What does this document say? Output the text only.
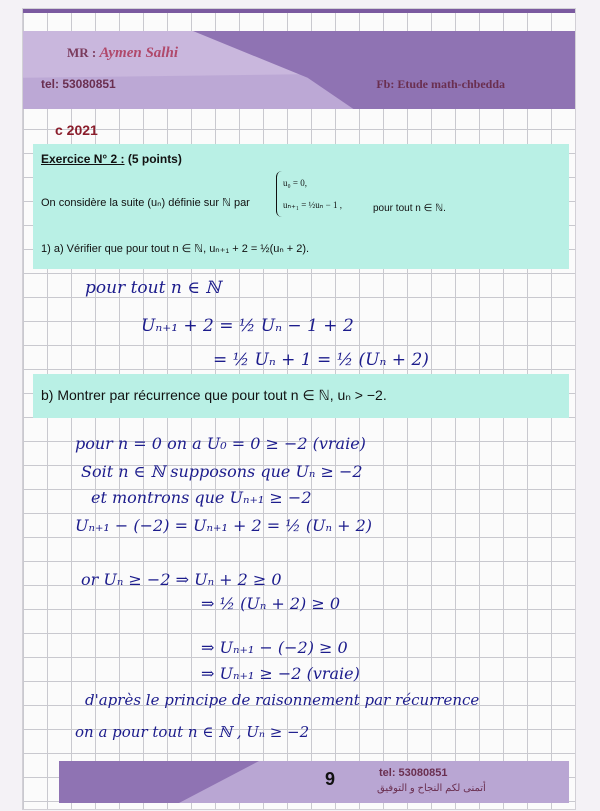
MR : Aymen Salhi
tel: 53080851	Fb: Etude math-chbedda
c 2021
Exercice N° 2 : (5 points)
On considère la suite (uₙ) définie sur ℕ par
u₀ = 0,
uₙ₊₁ = ½uₙ − 1 ,	pour tout n ∈ ℕ.
1) a) Vérifier que pour tout n ∈ ℕ, uₙ₊₁ + 2 = ½(uₙ + 2).
b) Montrer par récurrence que pour tout n ∈ ℕ, uₙ > −2.
pour tout n ∈ ℕ
Uₙ₊₁ + 2 = ½ Uₙ − 1 + 2
= ½ Uₙ + 1 = ½ (Uₙ + 2)
pour n = 0 on a U₀ = 0 ≥ −2 (vraie)
Soit n ∈ ℕ supposons que Uₙ ≥ −2
et montrons que Uₙ₊₁ ≥ −2
Uₙ₊₁ − (−2) = Uₙ₊₁ + 2 = ½ (Uₙ + 2)
or Uₙ ≥ −2 ⇒ Uₙ + 2 ≥ 0
⇒ ½ (Uₙ + 2) ≥ 0
⇒ Uₙ₊₁ − (−2) ≥ 0
⇒ Uₙ₊₁ ≥ −2 (vraie)
d'après le principe de raisonnement par récurrence
on a pour tout n ∈ ℕ , Uₙ ≥ −2
9	tel: 53080851
أتمنى لكم النجاح و التوفيق
